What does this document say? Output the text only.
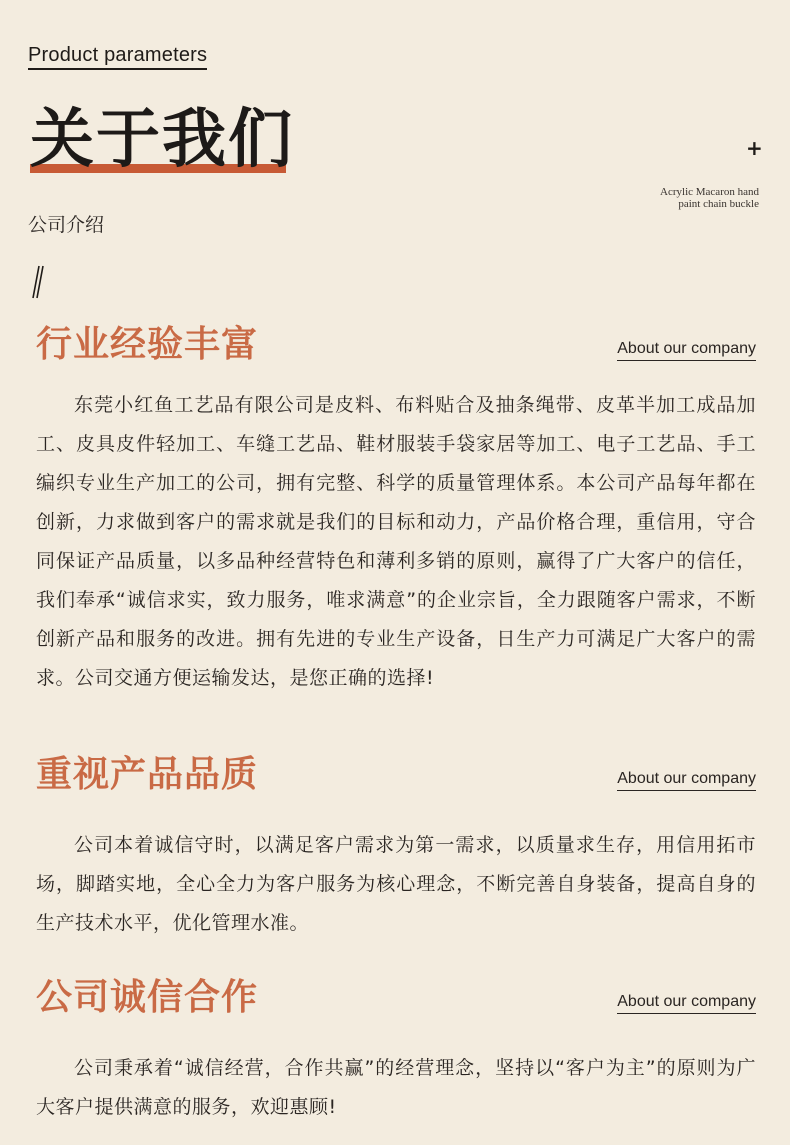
Product parameters
关于我们	+
Acrylic Macaron hand
paint chain buckle
公司介绍
行业经验丰富	About our company
东莞小红鱼工艺品有限公司是皮料、布料贴合及抽条绳带、皮革半加工成品加工、皮具皮件轻加工、车缝工艺品、鞋材服装手袋家居等加工、电子工艺品、手工编织专业生产加工的公司，拥有完整、科学的质量管理体系。本公司产品每年都在创新，力求做到客户的需求就是我们的目标和动力，产品价格合理，重信用，守合同保证产品质量，以多品种经营特色和薄利多销的原则，赢得了广大客户的信任，我们奉承“诚信求实，致力服务，唯求满意”的企业宗旨，全力跟随客户需求，不断创新产品和服务的改进。拥有先进的专业生产设备，日生产力可满足广大客户的需求。公司交通方便运输发达，是您正确的选择!
重视产品品质	About our company
公司本着诚信守时，以满足客户需求为第一需求，以质量求生存，用信用拓市场，脚踏实地，全心全力为客户服务为核心理念，不断完善自身装备，提高自身的生产技术水平，优化管理水准。
公司诚信合作	About our company
公司秉承着“诚信经营，合作共赢”的经营理念，坚持以“客户为主”的原则为广大客户提供满意的服务，欢迎惠顾!
